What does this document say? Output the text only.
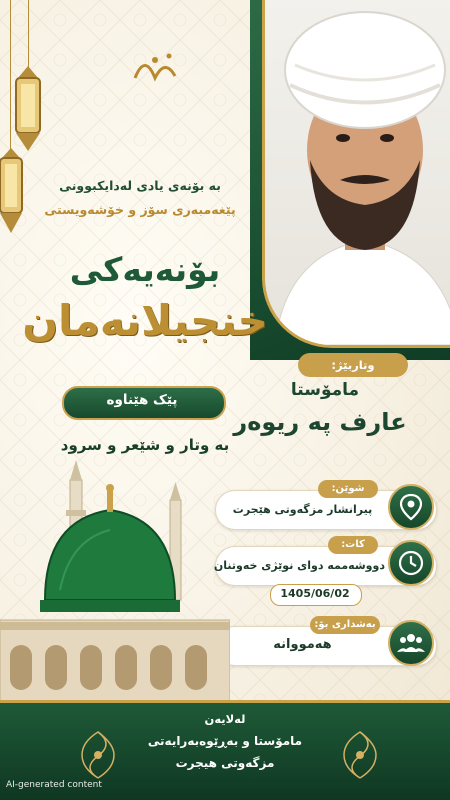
بە بۆنەی یادی لەدایکبوونی
پێغەمبەری سۆز و خۆشەویستی
بۆنەیەکی
خنجیلانەمان
پێک هێناوە
بە وتار و شێعر و سرود
وتاربێژ:
مامۆستا
عارف پە ریوەر
شوێن:
پیرانشار مزگەوتی هێجرت
کات:
دووشەممە دوای نوێژی خەوتنان
1405/06/02
بەشداری بۆ:
هەمووانە
لەلایەن
مامۆستا و بەڕێوەبەرایەتی
مزگەوتی هیجرت
AI-generated content
